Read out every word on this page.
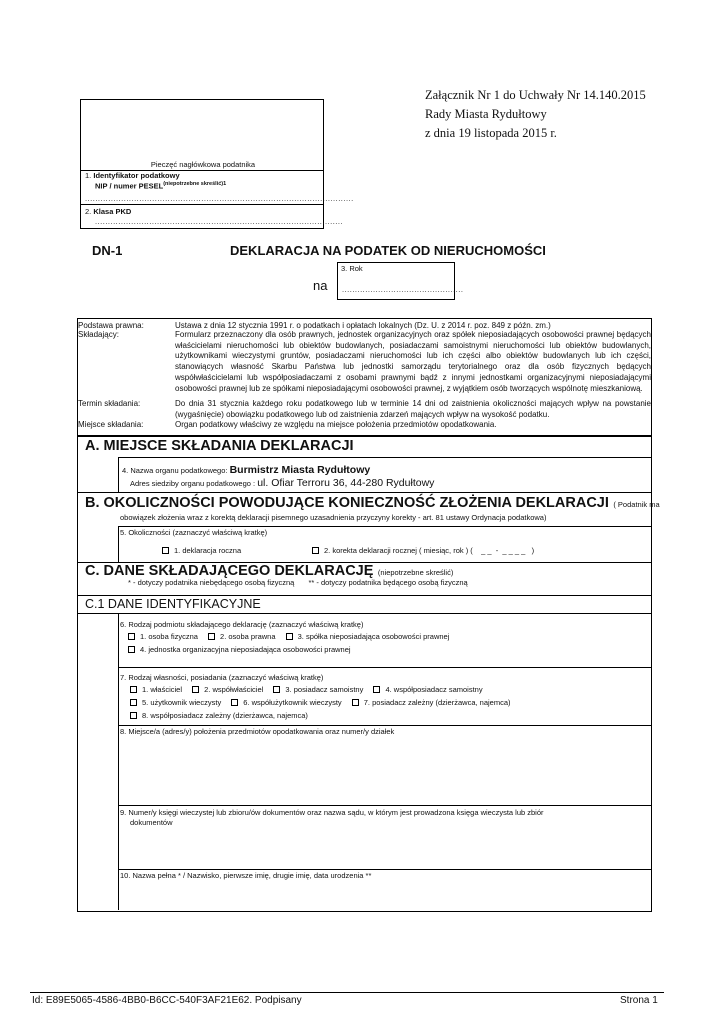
Załącznik Nr 1 do Uchwały Nr 14.140.2015
Rady Miasta Rydułtowy
z dnia 19 listopada 2015 r.
Pieczęć nagłówkowa podatnika
1. Identyfikator podatkowy
NIP / numer $PESEL^{(niepotrzebne skreślić)1}$
........................................................................................................
2. Klasa PKD
................................................................................................
DN-1	DEKLARACJA NA PODATEK OD NIERUCHOMOŚCI
na
3. Rok
...............................................
Podstawa prawna:	Ustawa z dnia 12 stycznia 1991 r. o podatkach i opłatach lokalnych (Dz. U. z 2014 r. poz. 849 z późn. zm.)
Składający:	Formularz przeznaczony dla osób prawnych, jednostek organizacyjnych oraz spółek nieposiadających osobowości prawnej będących właścicielami nieruchomości lub obiektów budowlanych, posiadaczami samoistnymi nieruchomości lub obiektów budowlanych, użytkownikami wieczystymi gruntów, posiadaczami nieruchomości lub ich części albo obiektów budowlanych lub ich części, stanowiących własność Skarbu Państwa lub jednostki samorządu terytorialnego oraz dla osób fizycznych będących współwłaścicielami lub współposiadaczami z osobami prawnymi bądź z innymi jednostkami organizacyjnymi nieposiadającymi osobowości prawnej lub ze spółkami nieposiadającymi osobowości prawnej, z wyjątkiem osób tworzących wspólnotę mieszkaniową.
Termin składania:	Do dnia 31 stycznia każdego roku podatkowego lub w terminie 14 dni od zaistnienia okoliczności mających wpływ na powstanie (wygaśnięcie) obowiązku podatkowego lub od zaistnienia zdarzeń mających wpływ na wysokość podatku.
Miejsce składania:	Organ podatkowy właściwy ze względu na miejsce położenia przedmiotów opodatkowania.
A. MIEJSCE SKŁADANIA DEKLARACJI
4. Nazwa organu podatkowego: Burmistrz Miasta Rydułtowy
Adres siedziby organu podatkowego : ul. Ofiar Terroru 36, 44-280 Rydułtowy
B. OKOLICZNOŚCI POWODUJĄCE KONIECZNOŚĆ ZŁOŻENIA DEKLARACJI ( Podatnik ma
obowiązek złożenia wraz z korektą deklaracji pisemnego uzasadnienia przyczyny korekty - art. 81 ustawy Ordynacja podatkowa)
5. Okoliczności (zaznaczyć właściwą kratkę)
1. deklaracja roczna	2. korekta deklaracji rocznej ( miesiąc, rok ) (    _ _  -  _ _ _ _   )
C. DANE SKŁADAJĄCEGO DEKLARACJĘ (niepotrzebne skreślić)
* - dotyczy podatnika niebędącego osobą fizyczną ** - dotyczy podatnika będącego osobą fizyczną
C.1 DANE IDENTYFIKACYJNE
6. Rodzaj podmiotu składającego deklarację (zaznaczyć właściwą kratkę)
1. osoba fizyczna	2. osoba prawna	3. spółka nieposiadająca osobowości prawnej
4. jednostka organizacyjna nieposiadająca osobowości prawnej
7. Rodzaj własności, posiadania (zaznaczyć właściwą kratkę)
1. właściciel	2. współwłaściciel	3. posiadacz samoistny	4. współposiadacz samoistny
5. użytkownik wieczysty	6. współużytkownik wieczysty	7. posiadacz zależny (dzierżawca, najemca)
8. współposiadacz zależny (dzierżawca, najemca)
8. Miejsce/a (adres/y) położenia przedmiotów opodatkowania oraz numer/y działek
9. Numer/y księgi wieczystej lub zbioru/ów dokumentów oraz nazwa sądu, w którym jest prowadzona księga wieczysta lub zbiór
dokumentów
10. Nazwa pełna * / Nazwisko, pierwsze imię, drugie imię, data urodzenia **
Id: E89E5065-4586-4BB0-B6CC-540F3AF21E62. Podpisany	Strona 1
